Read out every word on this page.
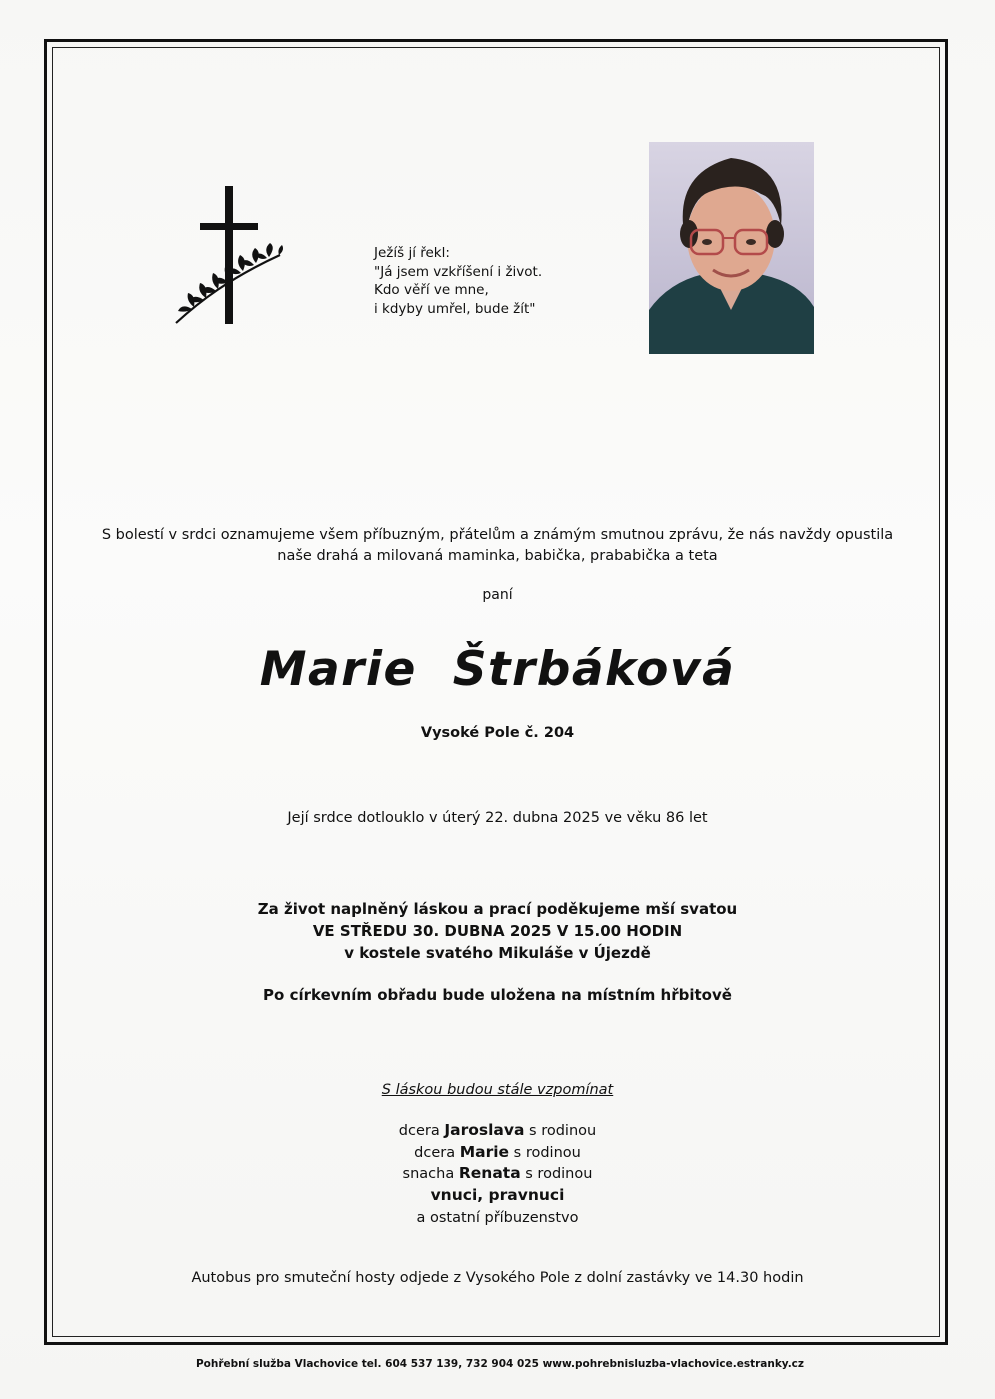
Ježíš jí řekl:
"Já jsem vzkříšení i život.
Kdo věří ve mne,
i kdyby umřel, bude žít"
S bolestí v srdci oznamujeme všem příbuzným, přátelům a známým smutnou zprávu, že nás navždy opustila
naše drahá a milovaná maminka, babička, prababička a teta
paní
Marie Štrbáková
Vysoké Pole č. 204
Její srdce dotlouklo v úterý 22. dubna 2025 ve věku 86 let
Za život naplněný láskou a prací poděkujeme mší svatou
VE STŘEDU 30. DUBNA 2025 V 15.00 HODIN
v kostele svatého Mikuláše v Újezdě
Po církevním obřadu bude uložena na místním hřbitově
S láskou budou stále vzpomínat
dcera Jaroslava s rodinou
dcera Marie s rodinou
snacha Renata s rodinou
vnuci, pravnuci
a ostatní příbuzenstvo
Autobus pro smuteční hosty odjede z Vysokého Pole z dolní zastávky ve 14.30 hodin
Pohřební služba Vlachovice tel. 604 537 139, 732 904 025 www.pohrebnisluzba-vlachovice.estranky.cz
